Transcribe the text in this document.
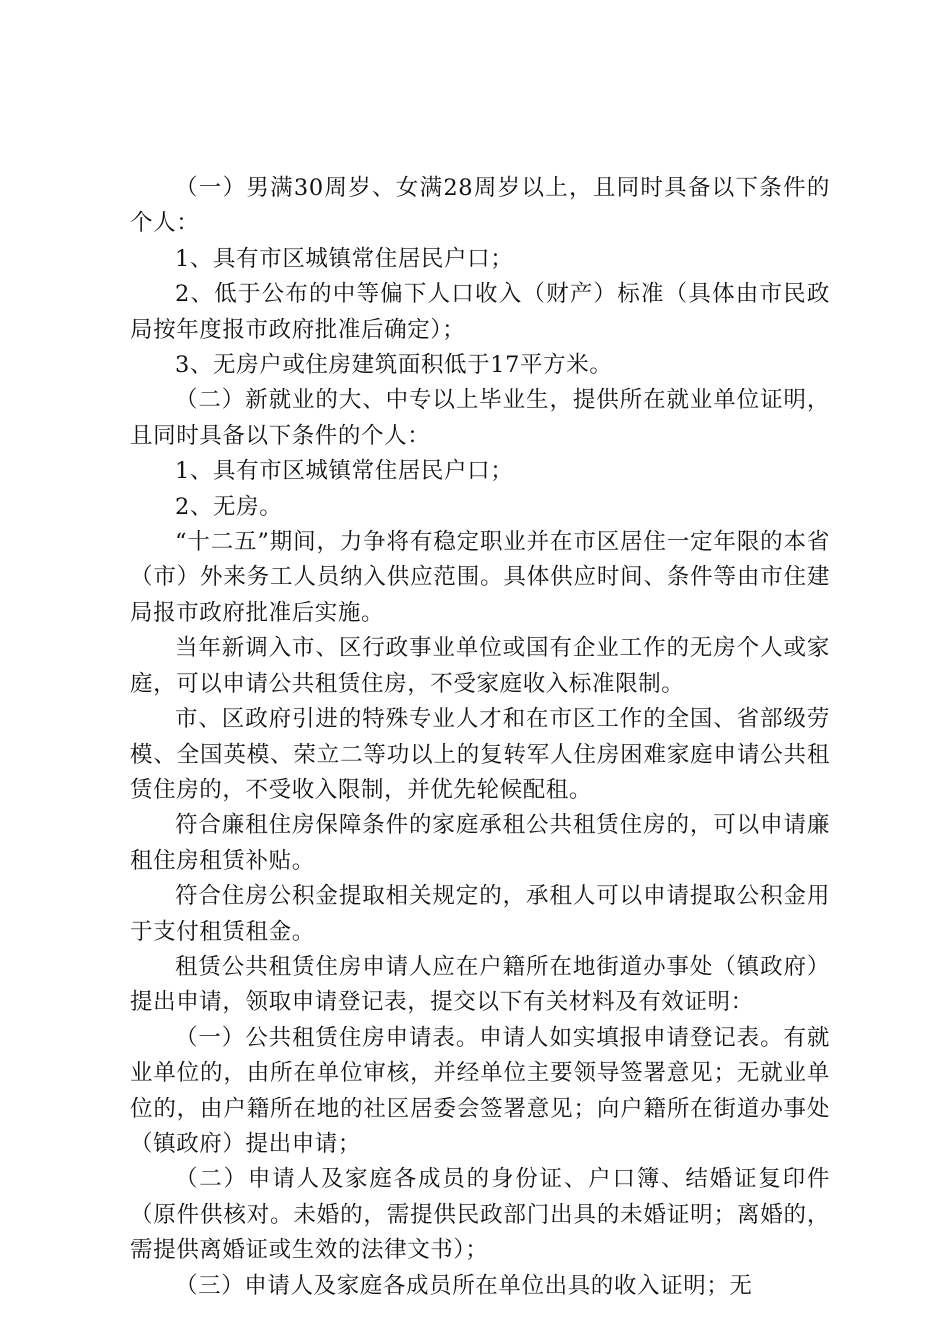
（一）男满30周岁、女满28周岁以上，且同时具备以下条件的个人：

1、具有市区城镇常住居民户口；

2、低于公布的中等偏下人口收入（财产）标准（具体由市民政局按年度报市政府批准后确定）；

3、无房户或住房建筑面积低于17平方米。

（二）新就业的大、中专以上毕业生，提供所在就业单位证明，且同时具备以下条件的个人：

1、具有市区城镇常住居民户口；

2、无房。

“十二五”期间，力争将有稳定职业并在市区居住一定年限的本省（市）外来务工人员纳入供应范围。具体供应时间、条件等由市住建局报市政府批准后实施。

当年新调入市、区行政事业单位或国有企业工作的无房个人或家庭，可以申请公共租赁住房，不受家庭收入标准限制。

市、区政府引进的特殊专业人才和在市区工作的全国、省部级劳模、全国英模、荣立二等功以上的复转军人住房困难家庭申请公共租赁住房的，不受收入限制，并优先轮候配租。

符合廉租住房保障条件的家庭承租公共租赁住房的，可以申请廉租住房租赁补贴。

符合住房公积金提取相关规定的，承租人可以申请提取公积金用于支付租赁租金。

租赁公共租赁住房申请人应在户籍所在地街道办事处（镇政府）提出申请，领取申请登记表，提交以下有关材料及有效证明：

（一）公共租赁住房申请表。申请人如实填报申请登记表。有就业单位的，由所在单位审核，并经单位主要领导签署意见；无就业单位的，由户籍所在地的社区居委会签署意见；向户籍所在街道办事处（镇政府）提出申请；

（二）申请人及家庭各成员的身份证、户口簿、结婚证复印件（原件供核对。未婚的，需提供民政部门出具的未婚证明；离婚的，需提供离婚证或生效的法律文书）；

（三）申请人及家庭各成员所在单位出具的收入证明；无
